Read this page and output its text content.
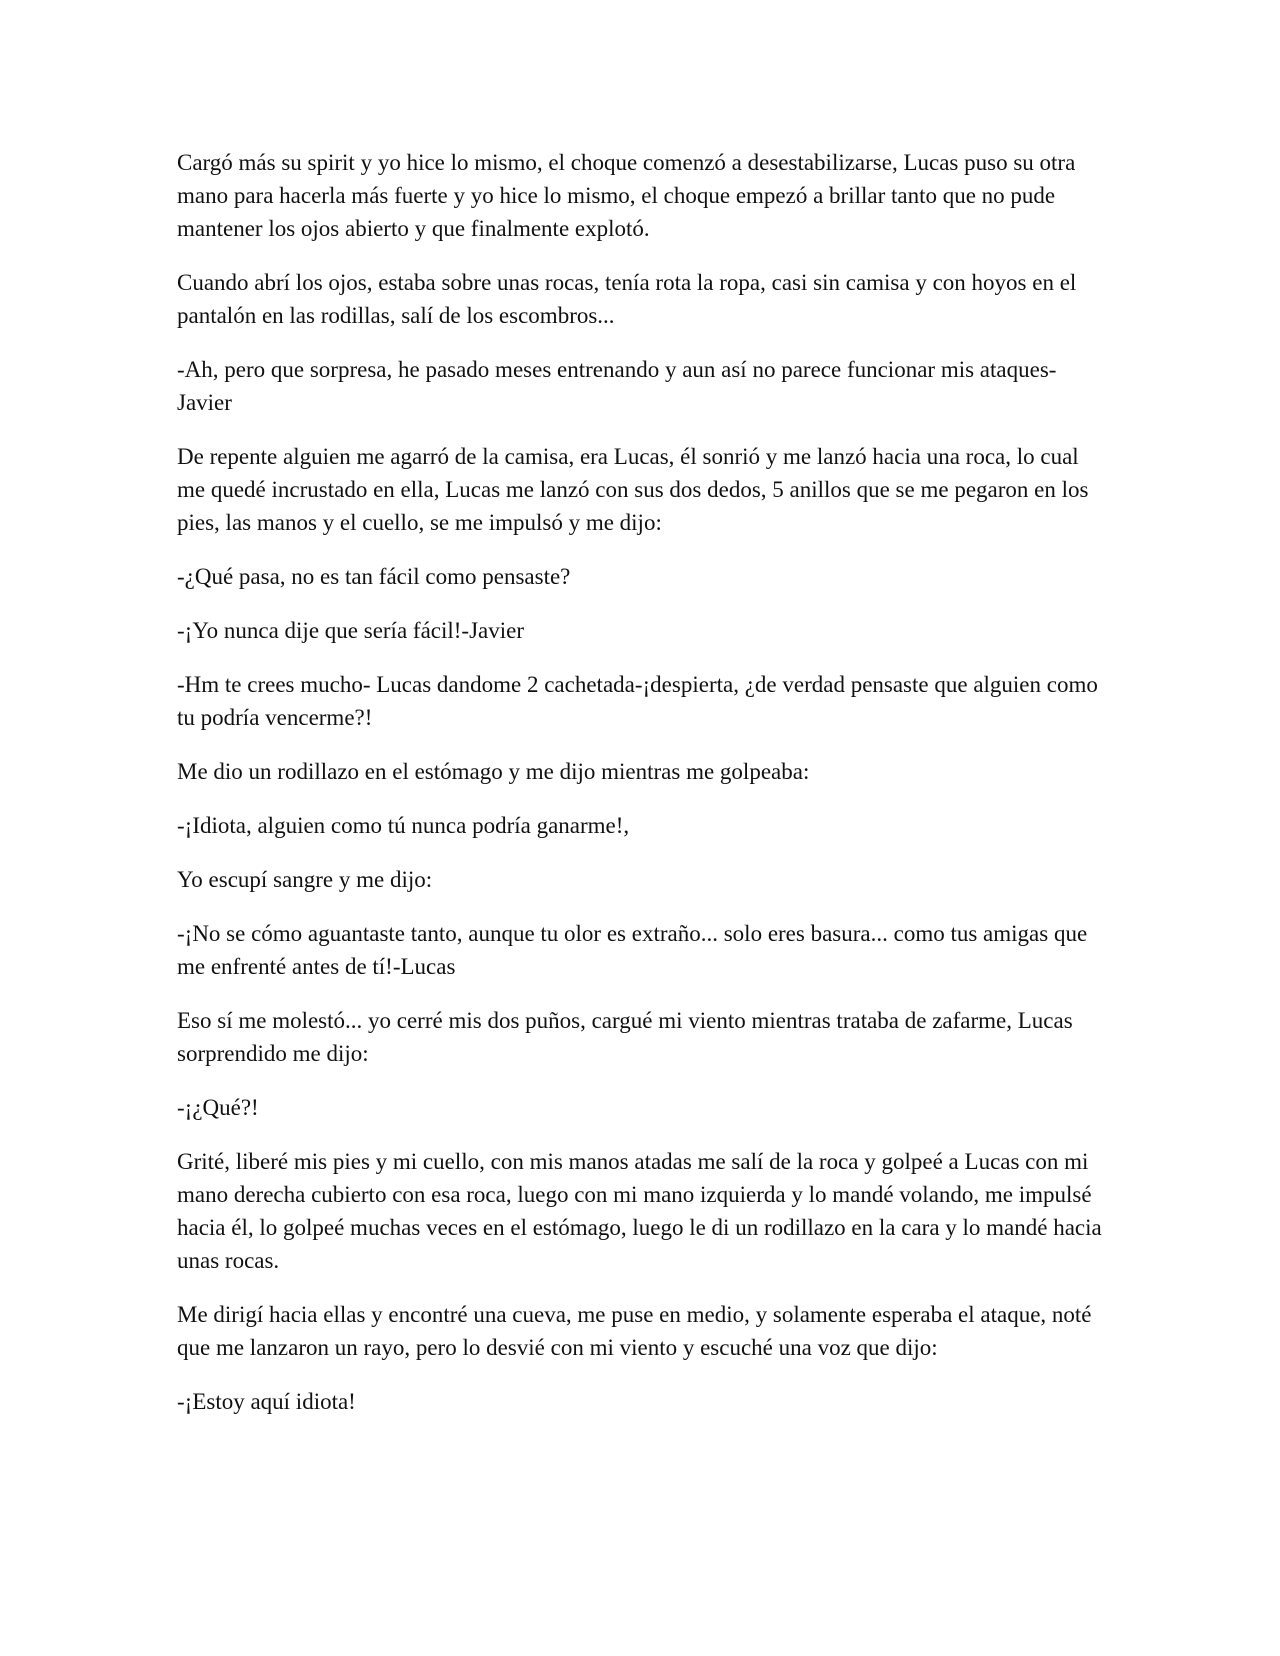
Cargó más su spirit y yo hice lo mismo, el choque comenzó a desestabilizarse, Lucas puso su otra mano para hacerla más fuerte y yo hice lo mismo, el choque empezó a brillar tanto que no pude mantener los ojos abierto y que finalmente explotó.

Cuando abrí los ojos, estaba sobre unas rocas, tenía rota la ropa, casi sin camisa y con hoyos en el pantalón en las rodillas, salí de los escombros...

-Ah, pero que sorpresa, he pasado meses entrenando y aun así no parece funcionar mis ataques-Javier

De repente alguien me agarró de la camisa, era Lucas, él sonrió y me lanzó hacia una roca, lo cual me quedé incrustado en ella, Lucas me lanzó con sus dos dedos, 5 anillos que se me pegaron en los pies, las manos y el cuello, se me impulsó y me dijo:

-¿Qué pasa, no es tan fácil como pensaste?

-¡Yo nunca dije que sería fácil!-Javier

-Hm te crees mucho- Lucas dandome 2 cachetada-¡despierta, ¿de verdad pensaste que alguien como tu podría vencerme?!

Me dio un rodillazo en el estómago y me dijo mientras me golpeaba:

-¡Idiota, alguien como tú nunca podría ganarme!,

Yo escupí sangre y me dijo:

-¡No se cómo aguantaste tanto, aunque tu olor es extraño... solo eres basura... como tus amigas que me enfrenté antes de tí!-Lucas

Eso sí me molestó... yo cerré mis dos puños, cargué mi viento mientras trataba de zafarme, Lucas sorprendido me dijo:

-¡¿Qué?!

Grité, liberé mis pies y mi cuello, con mis manos atadas me salí de la roca y golpeé a Lucas con mi mano derecha cubierto con esa roca, luego con mi mano izquierda y lo mandé volando, me impulsé hacia él, lo golpeé muchas veces en el estómago, luego le di un rodillazo en la cara y lo mandé hacia unas rocas.

Me dirigí hacia ellas y encontré una cueva, me puse en medio, y solamente esperaba el ataque, noté que me lanzaron un rayo, pero lo desvié con mi viento y escuché una voz que dijo:

-¡Estoy aquí idiota!
